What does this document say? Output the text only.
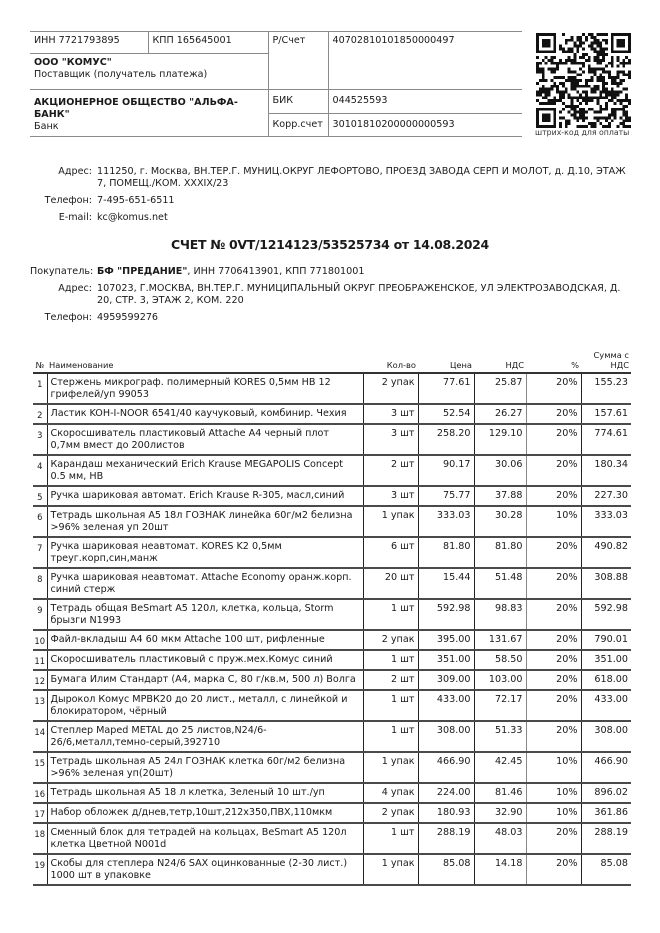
ИНН 7721793895	КПП 165645001	Р/Счет	40702810101850000497

ООО "КОМУС"
Поставщик (получатель платежа)			

АКЦИОНЕРНОЕ ОБЩЕСТВО "АЛЬФА-БАНК"
Банк		БИК	044525593
		Корр.счет	30101810200000000593
штрих-код для оплаты
Адрес: 111250, г. Москва, ВН.ТЕР.Г. МУНИЦ.ОКРУГ ЛЕФОРТОВО, ПРОЕЗД ЗАВОДА СЕРП И МОЛОТ, д. Д.10, ЭТАЖ
7, ПОМЕЩ./КОМ. XXXIX/23
Телефон: 7-495-651-6511
E-mail: kc@komus.net
СЧЕТ № 0VT/1214123/53525734 от 14.08.2024
Покупатель: БФ "ПРЕДАНИЕ", ИНН 7706413901, КПП 771801001
Адрес: 107023, Г.МОСКВА, ВН.ТЕР.Г. МУНИЦИПАЛЬНЫЙ ОКРУГ ПРЕОБРАЖЕНСКОЕ, УЛ ЭЛЕКТРОЗАВОДСКАЯ, Д.
20, СТР. 3, ЭТАЖ 2, КОМ. 220
Телефон: 4959599276
№	Наименование	Кол-во	Цена	НДС	%	Сумма с
НДС

1	Стержень микрограф. полимерный KORES 0,5мм HB 12 грифелей/уп 99053	2 упак	77.61	25.87	20%	155.23
2	Ластик KOH-I-NOOR 6541/40 каучуковый, комбинир. Чехия	3 шт	52.54	26.27	20%	157.61
3	Скоросшиватель пластиковый Attache A4 черный плот 0,7мм вмест до 200листов	3 шт	258.20	129.10	20%	774.61
4	Карандаш механический Erich Krause MEGAPOLIS Concept 0.5 мм, HB	2 шт	90.17	30.06	20%	180.34
5	Ручка шариковая автомат. Erich Krause R-305, масл,синий	3 шт	75.77	37.88	20%	227.30
6	Тетрадь школьная А5 18л ГОЗНАК линейка 60г/м2 белизна >96% зеленая уп 20шт	1 упак	333.03	30.28	10%	333.03
7	Ручка шариковая неавтомат. KORES K2 0,5мм треуг.корп,син,манж	6 шт	81.80	81.80	20%	490.82
8	Ручка шариковая неавтомат. Attache Economy оранж.корп. синий стерж	20 шт	15.44	51.48	20%	308.88
9	Тетрадь общая BeSmart А5 120л, клетка, кольца, Storm брызги N1993	1 шт	592.98	98.83	20%	592.98
10	Файл-вкладыш А4 60 мкм Attache 100 шт, рифленные	2 упак	395.00	131.67	20%	790.01
11	Скоросшиватель пластиковый с пруж.мех.Комус синий	1 шт	351.00	58.50	20%	351.00
12	Бумага Илим Стандарт (А4, марка С, 80 г/кв.м, 500 л) Волга	2 шт	309.00	103.00	20%	618.00
13	Дырокол Комус МРВК20 до 20 лист., металл, с линейкой и блокиратором, чёрный	1 шт	433.00	72.17	20%	433.00
14	Степлер Maped METAL до 25 листов,N24/6-26/6,металл,темно-серый,392710	1 шт	308.00	51.33	20%	308.00
15	Тетрадь школьная А5 24л ГОЗНАК клетка 60г/м2 белизна >96% зеленая уп(20шт)	1 упак	466.90	42.45	10%	466.90
16	Тетрадь школьная А5 18 л клетка, Зеленый 10 шт./уп	4 упак	224.00	81.46	10%	896.02
17	Набор обложек д/днев,тетр,10шт,212х350,ПВХ,110мкм	2 упак	180.93	32.90	10%	361.86
18	Сменный блок для тетрадей на кольцах, BeSmart А5 120л клетка Цветной N001d	1 шт	288.19	48.03	20%	288.19
19	Скобы для степлера N24/6 SAX оцинкованные (2-30 лист.) 1000 шт в упаковке	1 упак	85.08	14.18	20%	85.08
